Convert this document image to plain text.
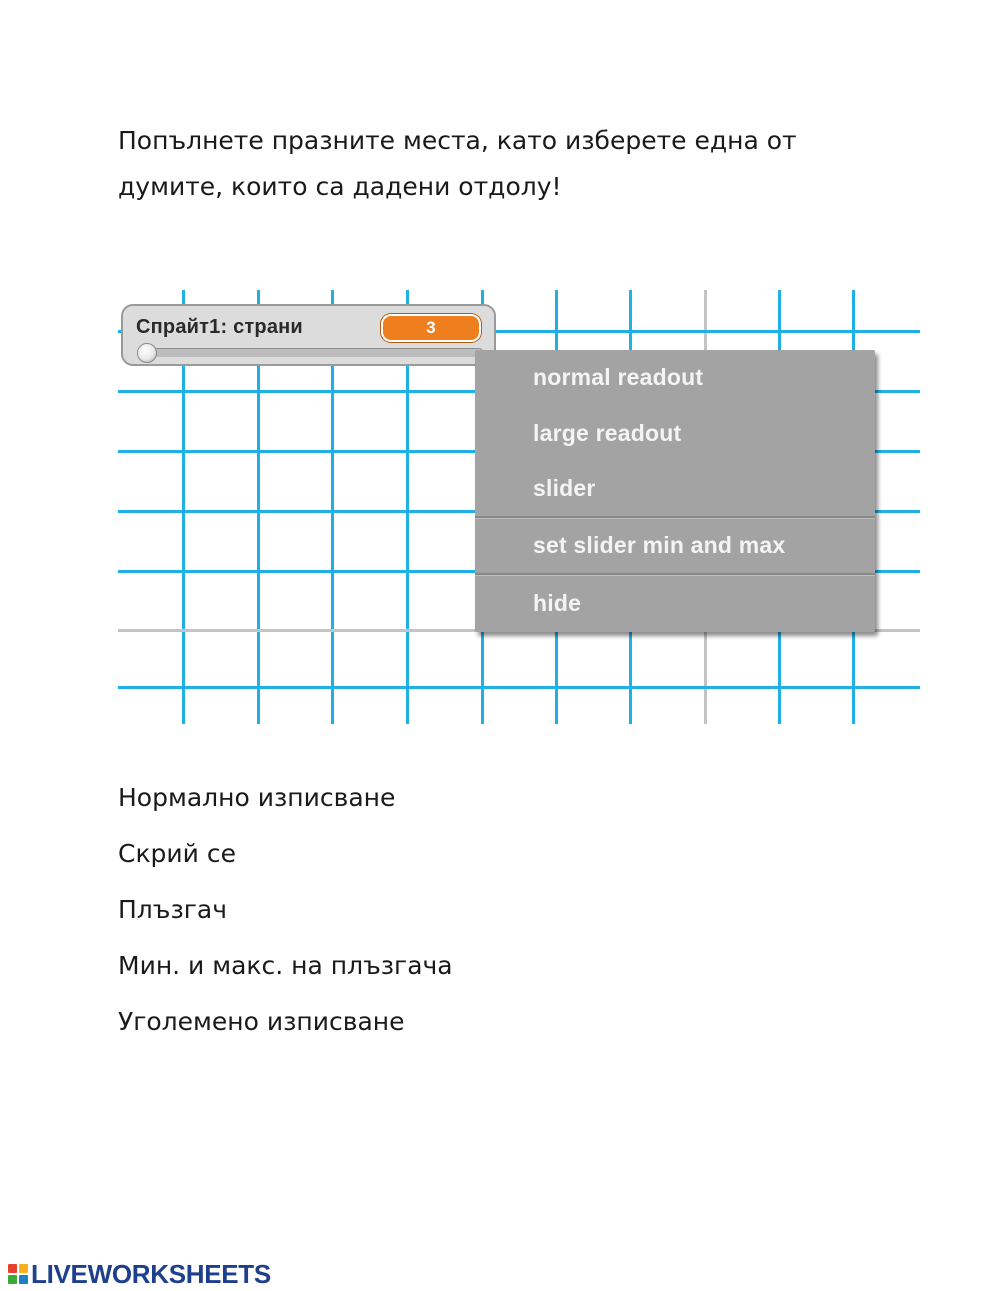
Попълнете празните места, като изберете една от
думите, които са дадени отдолу!
Спрайт1: страни	3
normal readout
large readout
slider
set slider min and max
hide
Нормално изписване
Скрий се
Плъзгач
Мин. и макс. на плъзгача
Уголемено изписване
LIVEWORKSHEETS
